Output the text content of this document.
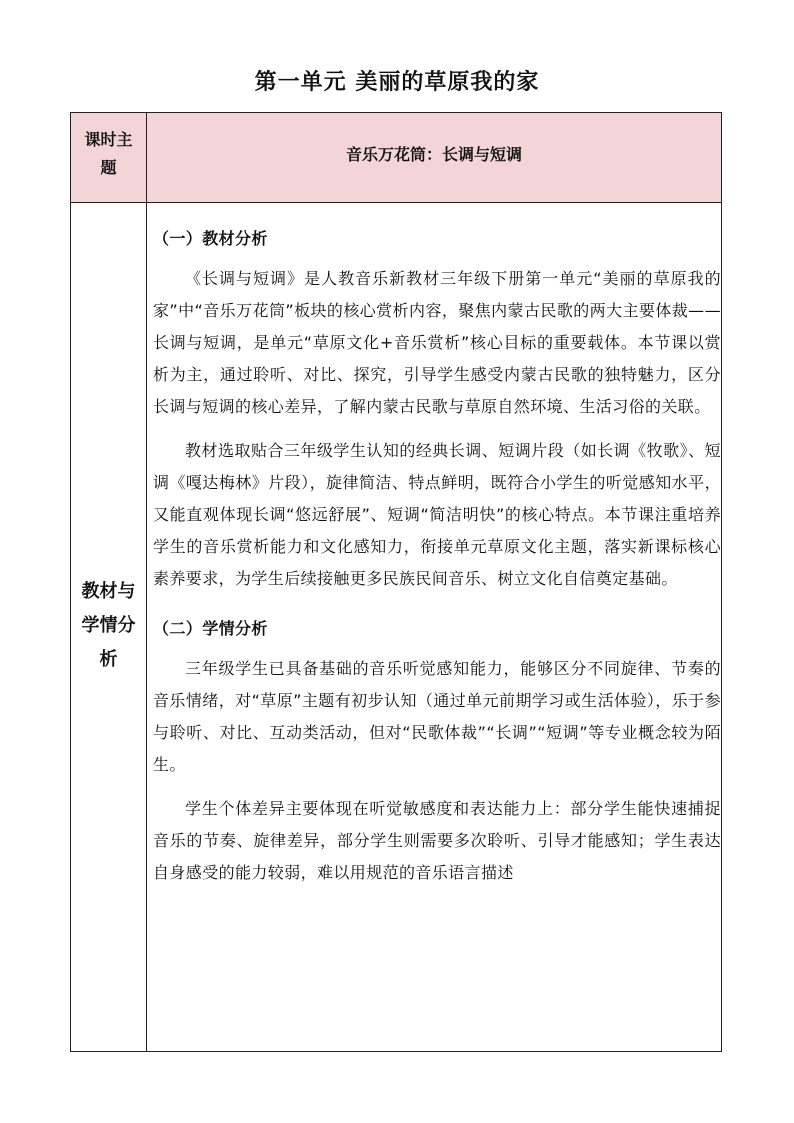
第一单元 美丽的草原我的家
课时主
题
音乐万花筒：长调与短调
教材与
学情分
析
（一）教材分析

《长调与短调》是人教音乐新教材三年级下册第一单元“美丽的草原我的家”中“音乐万花筒”板块的核心赏析内容，聚焦内蒙古民歌的两大主要体裁——长调与短调，是单元“草原文化+音乐赏析”核心目标的重要载体。本节课以赏析为主，通过聆听、对比、探究，引导学生感受内蒙古民歌的独特魅力，区分长调与短调的核心差异，了解内蒙古民歌与草原自然环境、生活习俗的关联。

教材选取贴合三年级学生认知的经典长调、短调片段（如长调《牧歌》、短调《嘎达梅林》片段），旋律简洁、特点鲜明，既符合小学生的听觉感知水平，又能直观体现长调“悠远舒展”、短调“简洁明快”的核心特点。本节课注重培养学生的音乐赏析能力和文化感知力，衔接单元草原文化主题，落实新课标核心素养要求，为学生后续接触更多民族民间音乐、树立文化自信奠定基础。

（二）学情分析

三年级学生已具备基础的音乐听觉感知能力，能够区分不同旋律、节奏的音乐情绪，对“草原”主题有初步认知（通过单元前期学习或生活体验），乐于参与聆听、对比、互动类活动，但对“民歌体裁”“长调”“短调”等专业概念较为陌生。

学生个体差异主要体现在听觉敏感度和表达能力上：部分学生能快速捕捉音乐的节奏、旋律差异，部分学生则需要多次聆听、引导才能感知；学生表达自身感受的能力较弱，难以用规范的音乐语言描述
